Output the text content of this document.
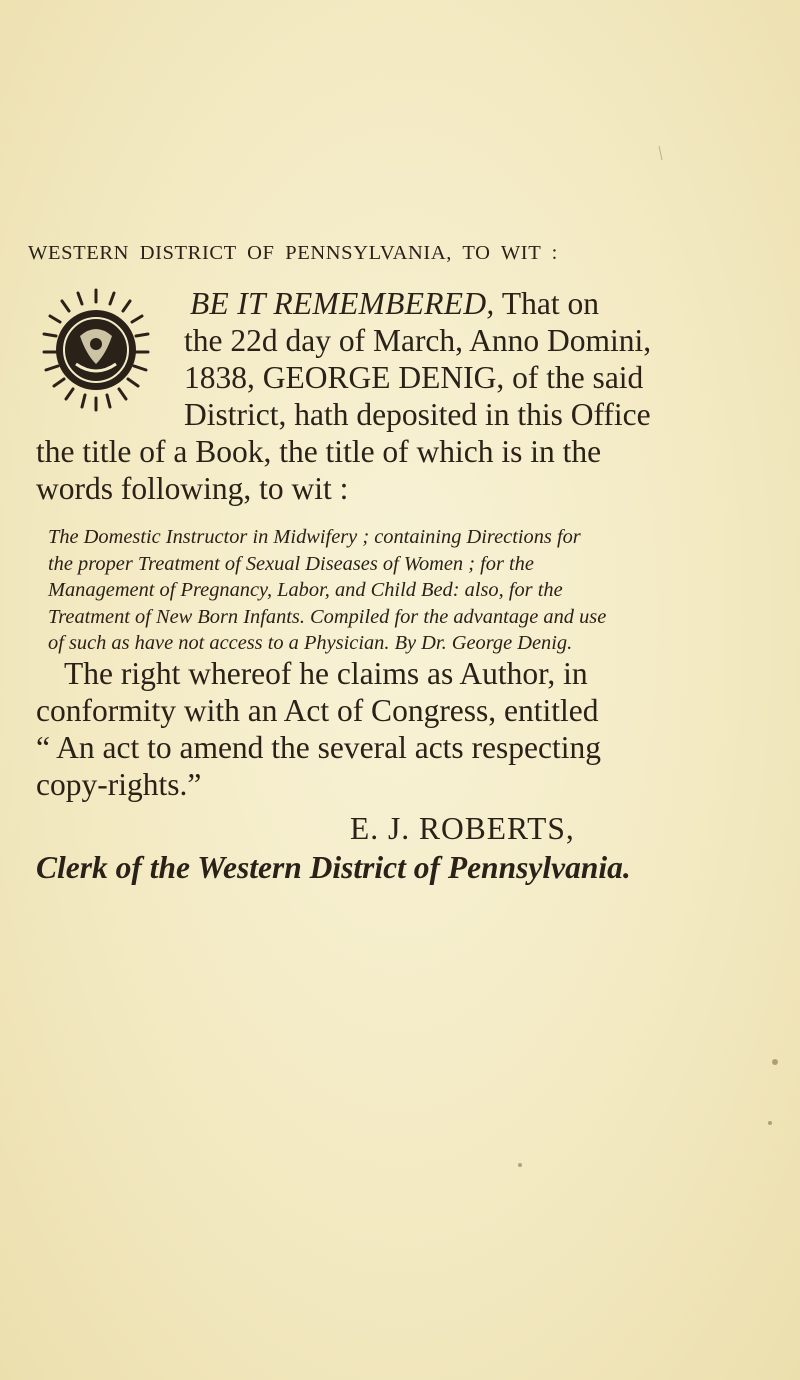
WESTERN DISTRICT OF PENNSYLVANIA, TO WIT :
BE IT REMEMBERED, That on
the 22d day of March, Anno Domini,
1838, GEORGE DENIG, of the said
District, hath deposited in this Office
the title of a Book, the title of which is in the
words following, to wit :
The Domestic Instructor in Midwifery ; containing Directions for
the proper Treatment of Sexual Diseases of Women ; for the
Management of Pregnancy, Labor, and Child Bed: also, for the
Treatment of New Born Infants. Compiled for the advantage and use
of such as have not access to a Physician. By Dr. George Denig.
The right whereof he claims as Author, in
conformity with an Act of Congress, entitled
“ An act to amend the several acts respecting
copy-rights.”
E. J. ROBERTS,
Clerk of the Western District of Pennsylvania.
